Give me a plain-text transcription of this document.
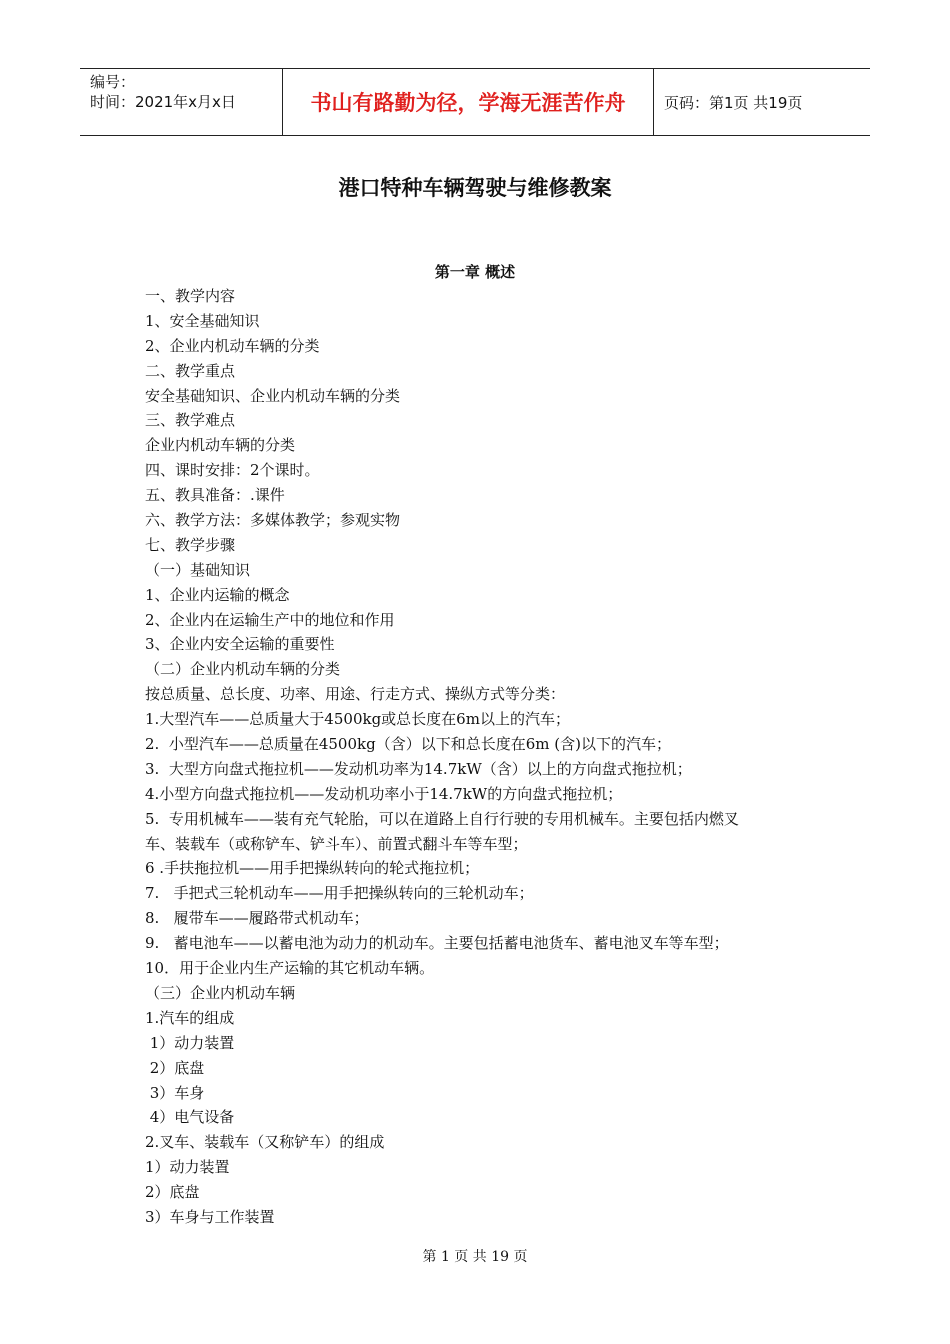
编号：
时间：2021年x月x日	书山有路勤为径，学海无涯苦作舟	页码：第1页 共19页
港口特种车辆驾驶与维修教案
第一章 概述
一、教学内容
1、安全基础知识
2、企业内机动车辆的分类
二、教学重点
安全基础知识、企业内机动车辆的分类
三、教学难点
企业内机动车辆的分类
四、课时安排：2个课时。
五、教具准备：.课件
六、教学方法：多媒体教学；参观实物
七、教学步骤
（一）基础知识
1、企业内运输的概念
2、企业内在运输生产中的地位和作用
3、企业内安全运输的重要性
（二）企业内机动车辆的分类
按总质量、总长度、功率、用途、行走方式、操纵方式等分类：
1.大型汽车——总质量大于4500kg或总长度在6m以上的汽车；
2.  小型汽车——总质量在4500kg（含）以下和总长度在6m (含)以下的汽车；
3.  大型方向盘式拖拉机——发动机功率为14.7kW（含）以上的方向盘式拖拉机；
4.小型方向盘式拖拉机——发动机功率小于14.7kW的方向盘式拖拉机；
5.  专用机械车——装有充气轮胎，可以在道路上自行行驶的专用机械车。主要包括内燃叉
车、装载车（或称铲车、铲斗车）、前置式翻斗车等车型；
6 .手扶拖拉机——用手把操纵转向的轮式拖拉机；
7.   手把式三轮机动车——用手把操纵转向的三轮机动车；
8.   履带车——履路带式机动车；
9.   蓄电池车——以蓄电池为动力的机动车。主要包括蓄电池货车、蓄电池叉车等车型；
10．用于企业内生产运输的其它机动车辆。
（三）企业内机动车辆
1.汽车的组成
1）动力装置
2）底盘
3）车身
4）电气设备
2.叉车、装载车（又称铲车）的组成
1）动力装置
2）底盘
3）车身与工作装置
第 1 页 共 19 页
